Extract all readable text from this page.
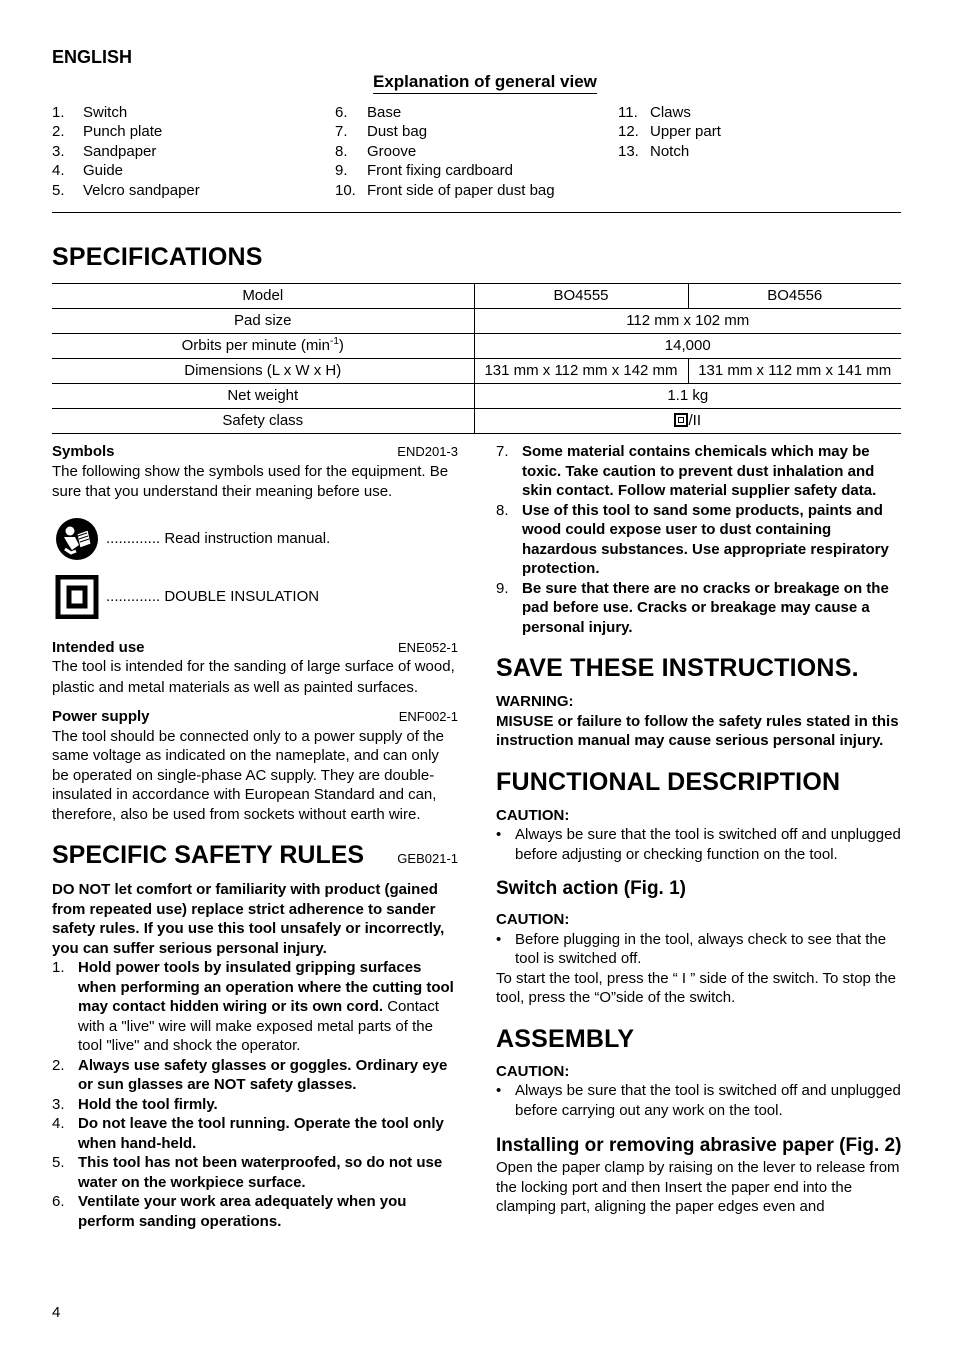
ENGLISH
Explanation of general view
1.	Switch
2.	Punch plate
3.	Sandpaper
4.	Guide
5.	Velcro sandpaper
6.	Base
7.	Dust bag
8.	Groove
9.	Front fixing cardboard
10. Front side of paper dust bag
11. Claws
12. Upper part
13. Notch
SPECIFICATIONS
Model	BO4555	BO4556
Pad size	112 mm x 102 mm	
Orbits per minute $(\min^{-1})$	14,000	
Dimensions (L x W x H)	131 mm x 112 mm x 142 mm	131 mm x 112 mm x 141 mm
Net weight	1.1 kg	
Safety class	/II	
Symbols	END201-3

The following show the symbols used for the equipment. Be sure that you understand their meaning before use.

............. Read instruction manual.
............. DOUBLE INSULATION
Intended use	ENE052-1

The tool is intended for the sanding of large surface of wood, plastic and metal materials as well as painted surfaces.

Power supply	ENF002-1

The tool should be connected only to a power supply of the same voltage as indicated on the nameplate, and can only be operated on single-phase AC supply. They are double-insulated in accordance with European Standard and can, therefore, also be used from sockets without earth wire.

SPECIFIC SAFETY RULES	GEB021-1

DO NOT let comfort or familiarity with product (gained from repeated use) replace strict adherence to sander safety rules. If you use this tool unsafely or incorrectly, you can suffer serious personal injury.

1. Hold power tools by insulated gripping surfaces when performing an operation where the cutting tool may contact hidden wiring or its own cord. Contact with a "live" wire will make exposed metal parts of the tool "live" and shock the operator.
2. Always use safety glasses or goggles. Ordinary eye or sun glasses are NOT safety glasses.
3. Hold the tool firmly.
4. Do not leave the tool running. Operate the tool only when hand-held.
5. This tool has not been waterproofed, so do not use water on the workpiece surface.
6. Ventilate your work area adequately when you perform sanding operations.
7. Some material contains chemicals which may be toxic. Take caution to prevent dust inhalation and skin contact. Follow material supplier safety data.
8. Use of this tool to sand some products, paints and wood could expose user to dust containing hazardous substances. Use appropriate respiratory protection.
9. Be sure that there are no cracks or breakage on the pad before use. Cracks or breakage may cause a personal injury.
SAVE THESE INSTRUCTIONS.
WARNING:

MISUSE or failure to follow the safety rules stated in this instruction manual may cause serious personal injury.

FUNCTIONAL DESCRIPTION
CAUTION:
• Always be sure that the tool is switched off and unplugged before adjusting or checking function on the tool.
Switch action (Fig. 1)
CAUTION:
• Before plugging in the tool, always check to see that the tool is switched off.

To start the tool, press the “ I ” side of the switch. To stop the tool, press the “O”side of the switch.

ASSEMBLY
CAUTION:
• Always be sure that the tool is switched off and unplugged before carrying out any work on the tool.
Installing or removing abrasive paper (Fig. 2)

Open the paper clamp by raising on the lever to release from the locking port and then Insert the paper end into the clamping part, aligning the paper edges even and

4
